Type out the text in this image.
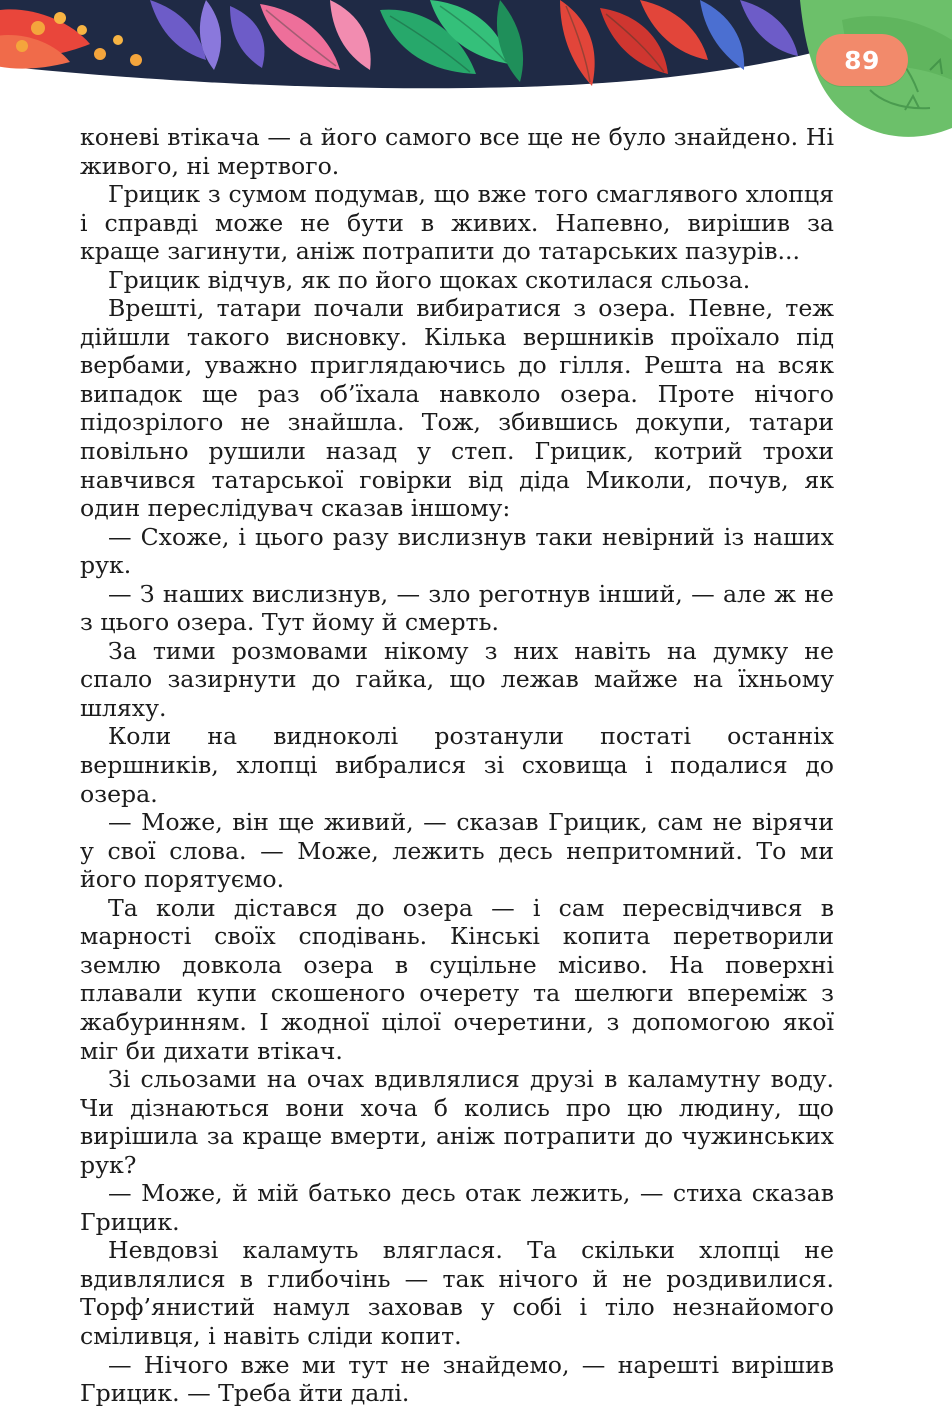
89

коневі втікача — а його самого все ще не було знайдено. Ні живого, ні мертвого.

Грицик з сумом подумав, що вже того смаглявого хлопця і справді може не бути в живих. Напевно, вирішив за краще загинути, аніж потрапити до татарських пазурів...

Грицик відчув, як по його щоках скотилася сльоза.

Врешті, татари почали вибиратися з озера. Певне, теж дійшли такого висновку. Кілька вершників проїхало під вербами, уважно приглядаючись до гілля. Решта на всяк випадок ще раз об’їхала навколо озера. Проте нічого підозрілого не знайшла. Тож, збившись докупи, татари повільно рушили назад у степ. Грицик, котрий трохи навчився татарської говірки від діда Миколи, почув, як один переслідувач сказав іншому:

— Схоже, і цього разу вислизнув таки невірний із наших рук.

— З наших вислизнув, — зло реготнув інший, — але ж не з цього озера. Тут йому й смерть.

За тими розмовами нікому з них навіть на думку не спало зазирнути до гайка, що лежав майже на їхньому шляху.

Коли на видноколі розтанули постаті останніх вершників, хлопці вибралися зі сховища і подалися до озера.

— Може, він ще живий, — сказав Грицик, сам не вірячи у свої слова. — Може, лежить десь непритомний. То ми його порятуємо.

Та коли дістався до озера — і сам пересвідчився в марності своїх сподівань. Кінські копита перетворили землю довкола озера в суцільне місиво. На поверхні плавали купи скошеного очерету та шелюги впереміж з жабуринням. І жодної цілої очеретини, з допомогою якої міг би дихати втікач.

Зі сльозами на очах вдивлялися друзі в каламутну воду. Чи дізнаються вони хоча б колись про цю людину, що вирішила за краще вмерти, аніж потрапити до чужинських рук?

— Може, й мій батько десь отак лежить, — стиха сказав Грицик.

Невдовзі каламуть вляглася. Та скільки хлопці не вдивлялися в глибочінь — так нічого й не роздивилися. Торф’янистий намул заховав у собі і тіло незнайомого сміливця, і навіть сліди копит.

— Нічого вже ми тут не знайдемо, — нарешті вирішив Грицик. — Треба йти далі.
